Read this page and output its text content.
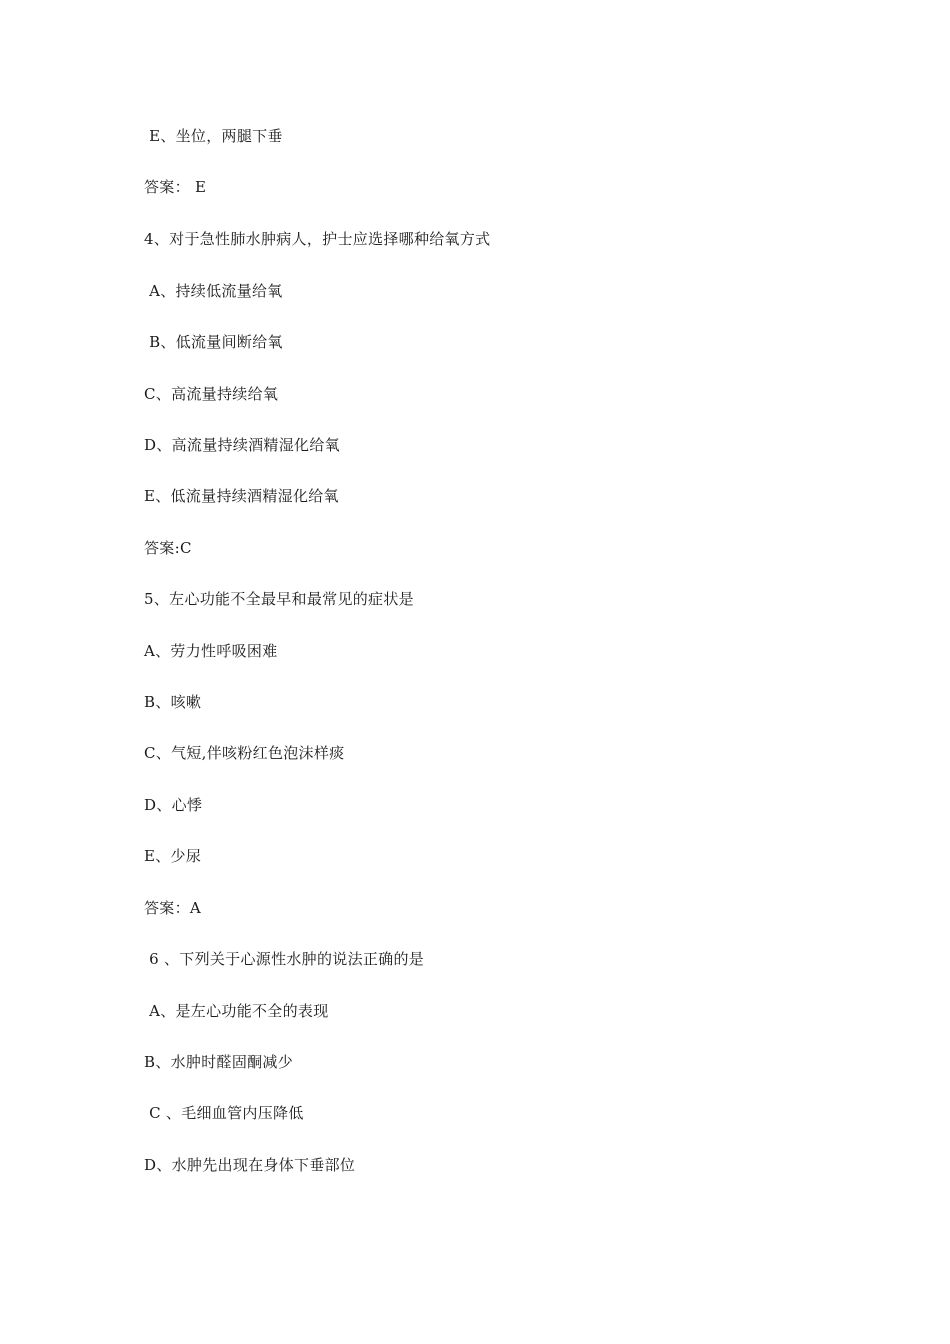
E、坐位，两腿下垂
答案： E
4、对于急性肺水肿病人，护士应选择哪种给氧方式
A、持续低流量给氧
B、低流量间断给氧
C、高流量持续给氧
D、高流量持续酒精湿化给氧
E、低流量持续酒精湿化给氧
答案:C
5、左心功能不全最早和最常见的症状是
A、劳力性呼吸困难
B、咳嗽
C、气短,伴咳粉红色泡沫样痰
D、心悸
E、少尿
答案：A
6 、下列关于心源性水肿的说法正确的是
A、是左心功能不全的表现
B、水肿时醛固酮减少
C 、毛细血管内压降低
D、水肿先出现在身体下垂部位
